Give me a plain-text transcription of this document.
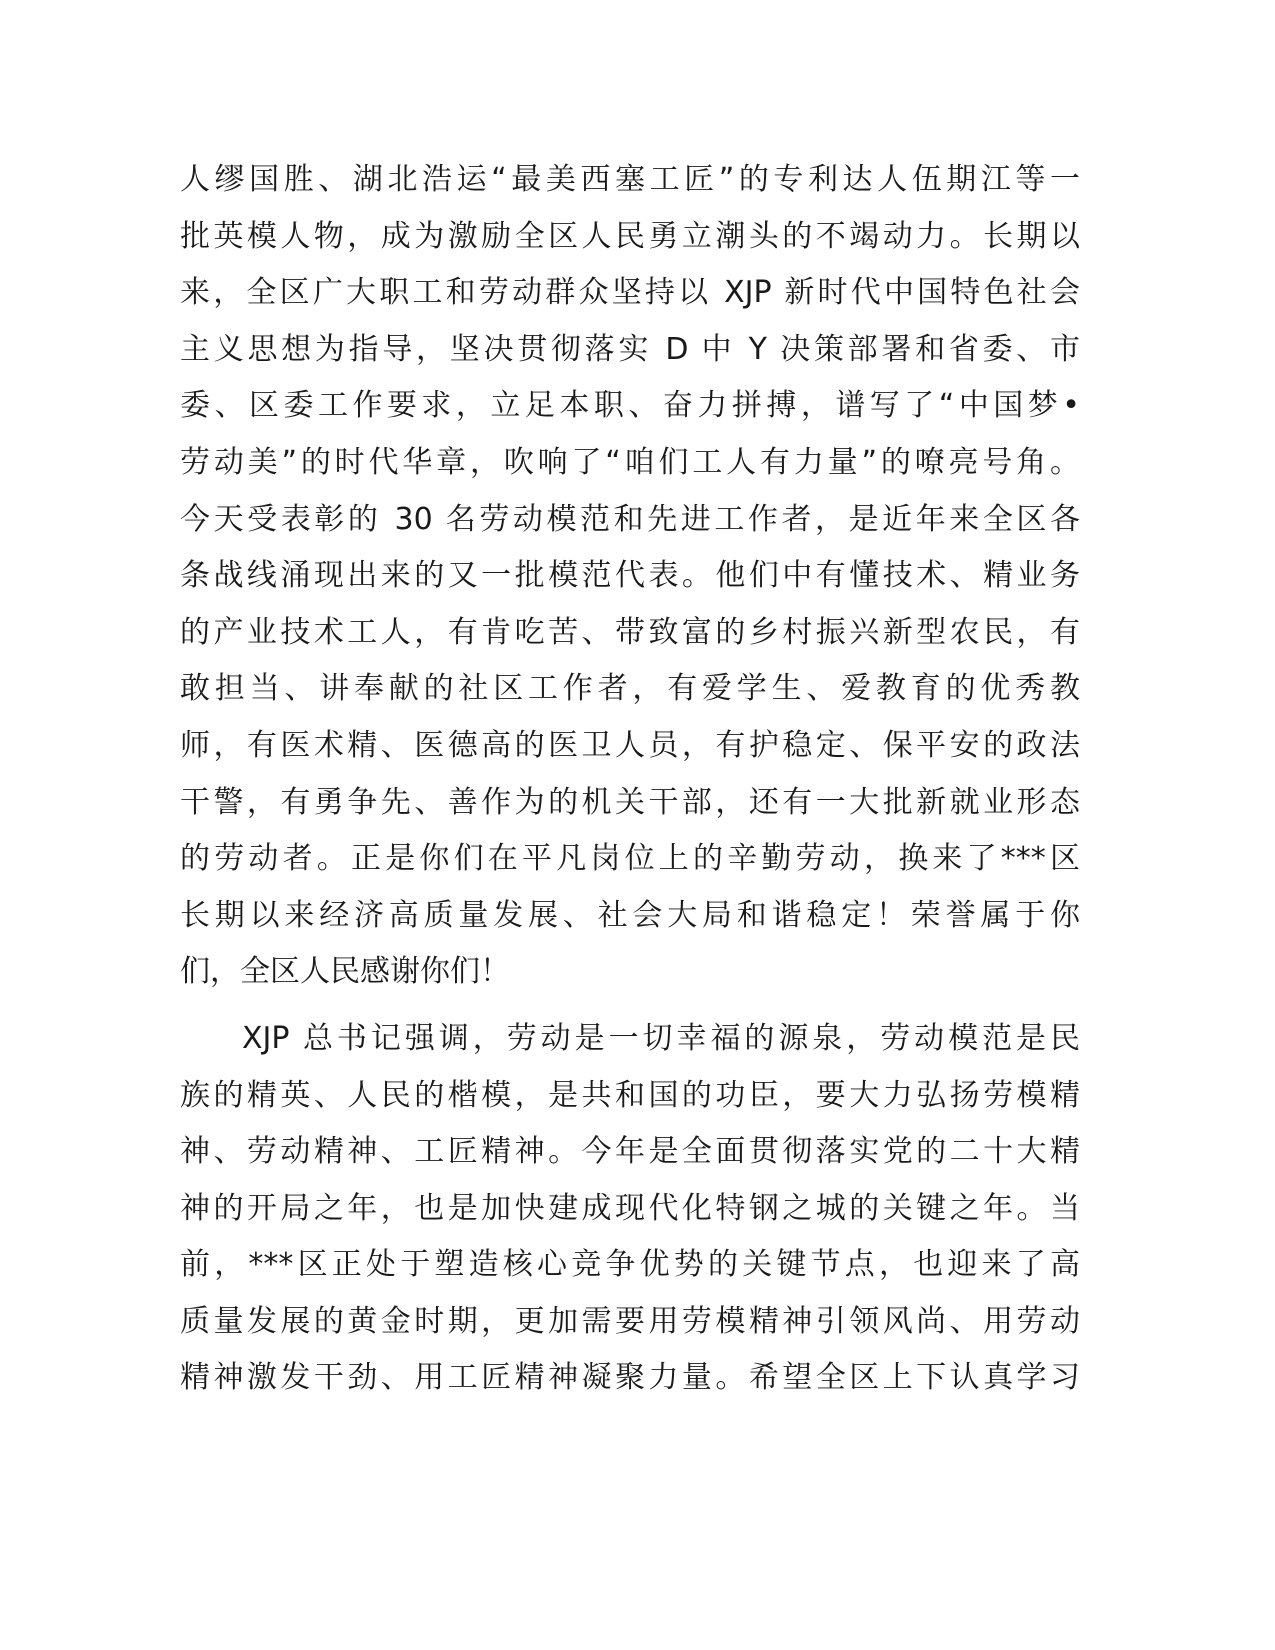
人缪国胜、湖北浩运“最美西塞工匠”的专利达人伍期江等一
批英模人物，成为激励全区人民勇立潮头的不竭动力。长期以
来，全区广大职工和劳动群众坚持以 XJP 新时代中国特色社会
主义思想为指导，坚决贯彻落实 D 中 Y 决策部署和省委、市
委、区委工作要求，立足本职、奋力拼搏，谱写了“中国梦•
劳动美”的时代华章，吹响了“咱们工人有力量”的嘹亮号角。
今天受表彰的 30 名劳动模范和先进工作者，是近年来全区各
条战线涌现出来的又一批模范代表。他们中有懂技术、精业务
的产业技术工人，有肯吃苦、带致富的乡村振兴新型农民，有
敢担当、讲奉献的社区工作者，有爱学生、爱教育的优秀教
师，有医术精、医德高的医卫人员，有护稳定、保平安的政法
干警，有勇争先、善作为的机关干部，还有一大批新就业形态
的劳动者。正是你们在平凡岗位上的辛勤劳动，换来了***区
长期以来经济高质量发展、社会大局和谐稳定！荣誉属于你
们，全区人民感谢你们！
XJP 总书记强调，劳动是一切幸福的源泉，劳动模范是民
族的精英、人民的楷模，是共和国的功臣，要大力弘扬劳模精
神、劳动精神、工匠精神。今年是全面贯彻落实党的二十大精
神的开局之年，也是加快建成现代化特钢之城的关键之年。当
前，***区正处于塑造核心竞争优势的关键节点，也迎来了高
质量发展的黄金时期，更加需要用劳模精神引领风尚、用劳动
精神激发干劲、用工匠精神凝聚力量。希望全区上下认真学习
